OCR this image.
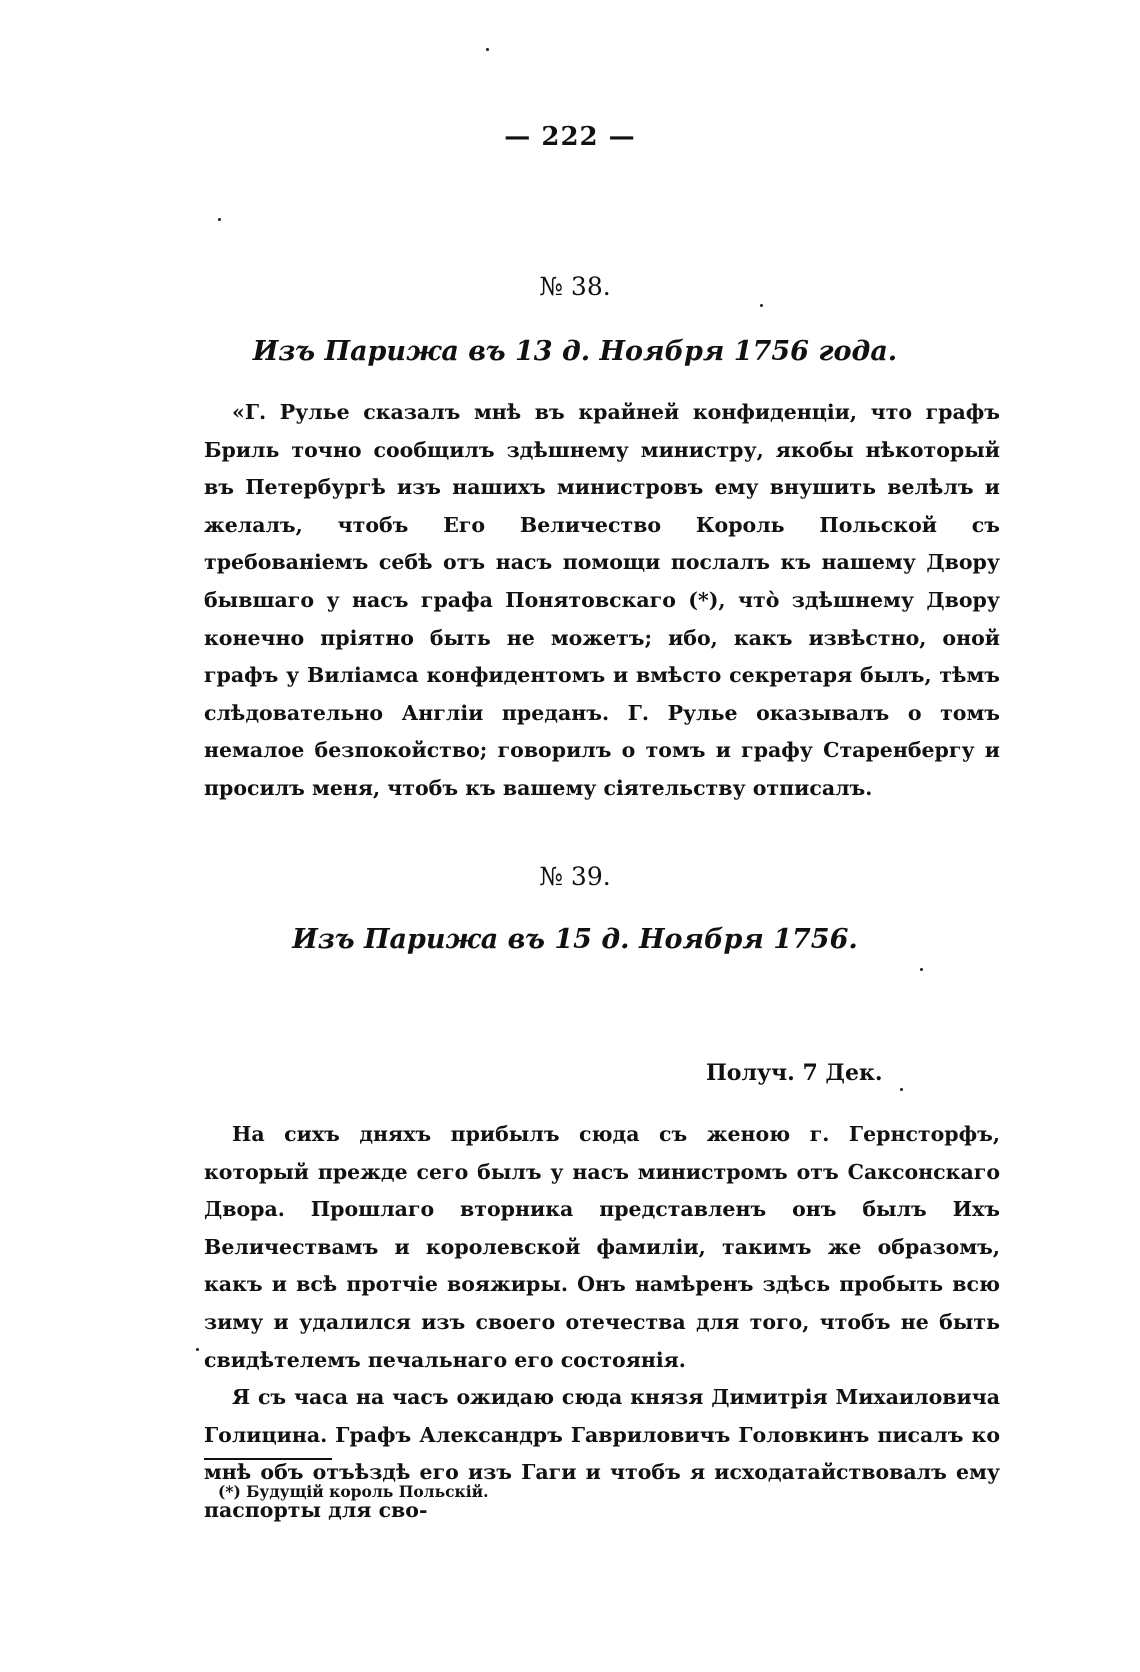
— 222 —
№ 38.
Изъ Парижа въ 13 д. Ноября 1756 года.

«Г. Рулье сказалъ мнѣ въ крайней конфиденціи, что графъ Бриль точно сообщилъ здѣшнему министру, якобы нѣкоторый въ Петербургѣ изъ нашихъ министровъ ему внушить велѣлъ и желалъ, чтобъ Его Величество Король Польской съ требованіемъ себѣ отъ насъ помощи послалъ къ нашему Двору бывшаго у насъ графа Понятовскаго (*), что̀ здѣшнему Двору конечно пріятно быть не можетъ; ибо, какъ извѣстно, оной графъ у Виліамса конфидентомъ и вмѣсто секретаря былъ, тѣмъ слѣдовательно Англіи преданъ. Г. Рулье оказывалъ о томъ немалое безпокойство; говорилъ о томъ и графу Старенбергу и просилъ меня, чтобъ къ вашему сіятельству отписалъ.

№ 39.
Изъ Парижа въ 15 д. Ноября 1756.
Получ. 7 Дек.

На сихъ дняхъ прибылъ сюда съ женою г. Гернсторфъ, который прежде сего былъ у насъ министромъ отъ Саксонскаго Двора. Прошлаго вторника представленъ онъ былъ Ихъ Величествамъ и королевской фамиліи, такимъ же образомъ, какъ и всѣ протчіе вояжиры. Онъ намѣренъ здѣсь пробыть всю зиму и удалился изъ своего отечества для того, чтобъ не быть свидѣтелемъ печальнаго его состоянія.

Я съ часа на часъ ожидаю сюда князя Димитрія Михаиловича Голицина. Графъ Александръ Гавриловичъ Головкинъ писалъ ко мнѣ объ отъѣздѣ его изъ Гаги и чтобъ я исходатайствовалъ ему паспорты для сво-

(*) Будущій король Польскій.
